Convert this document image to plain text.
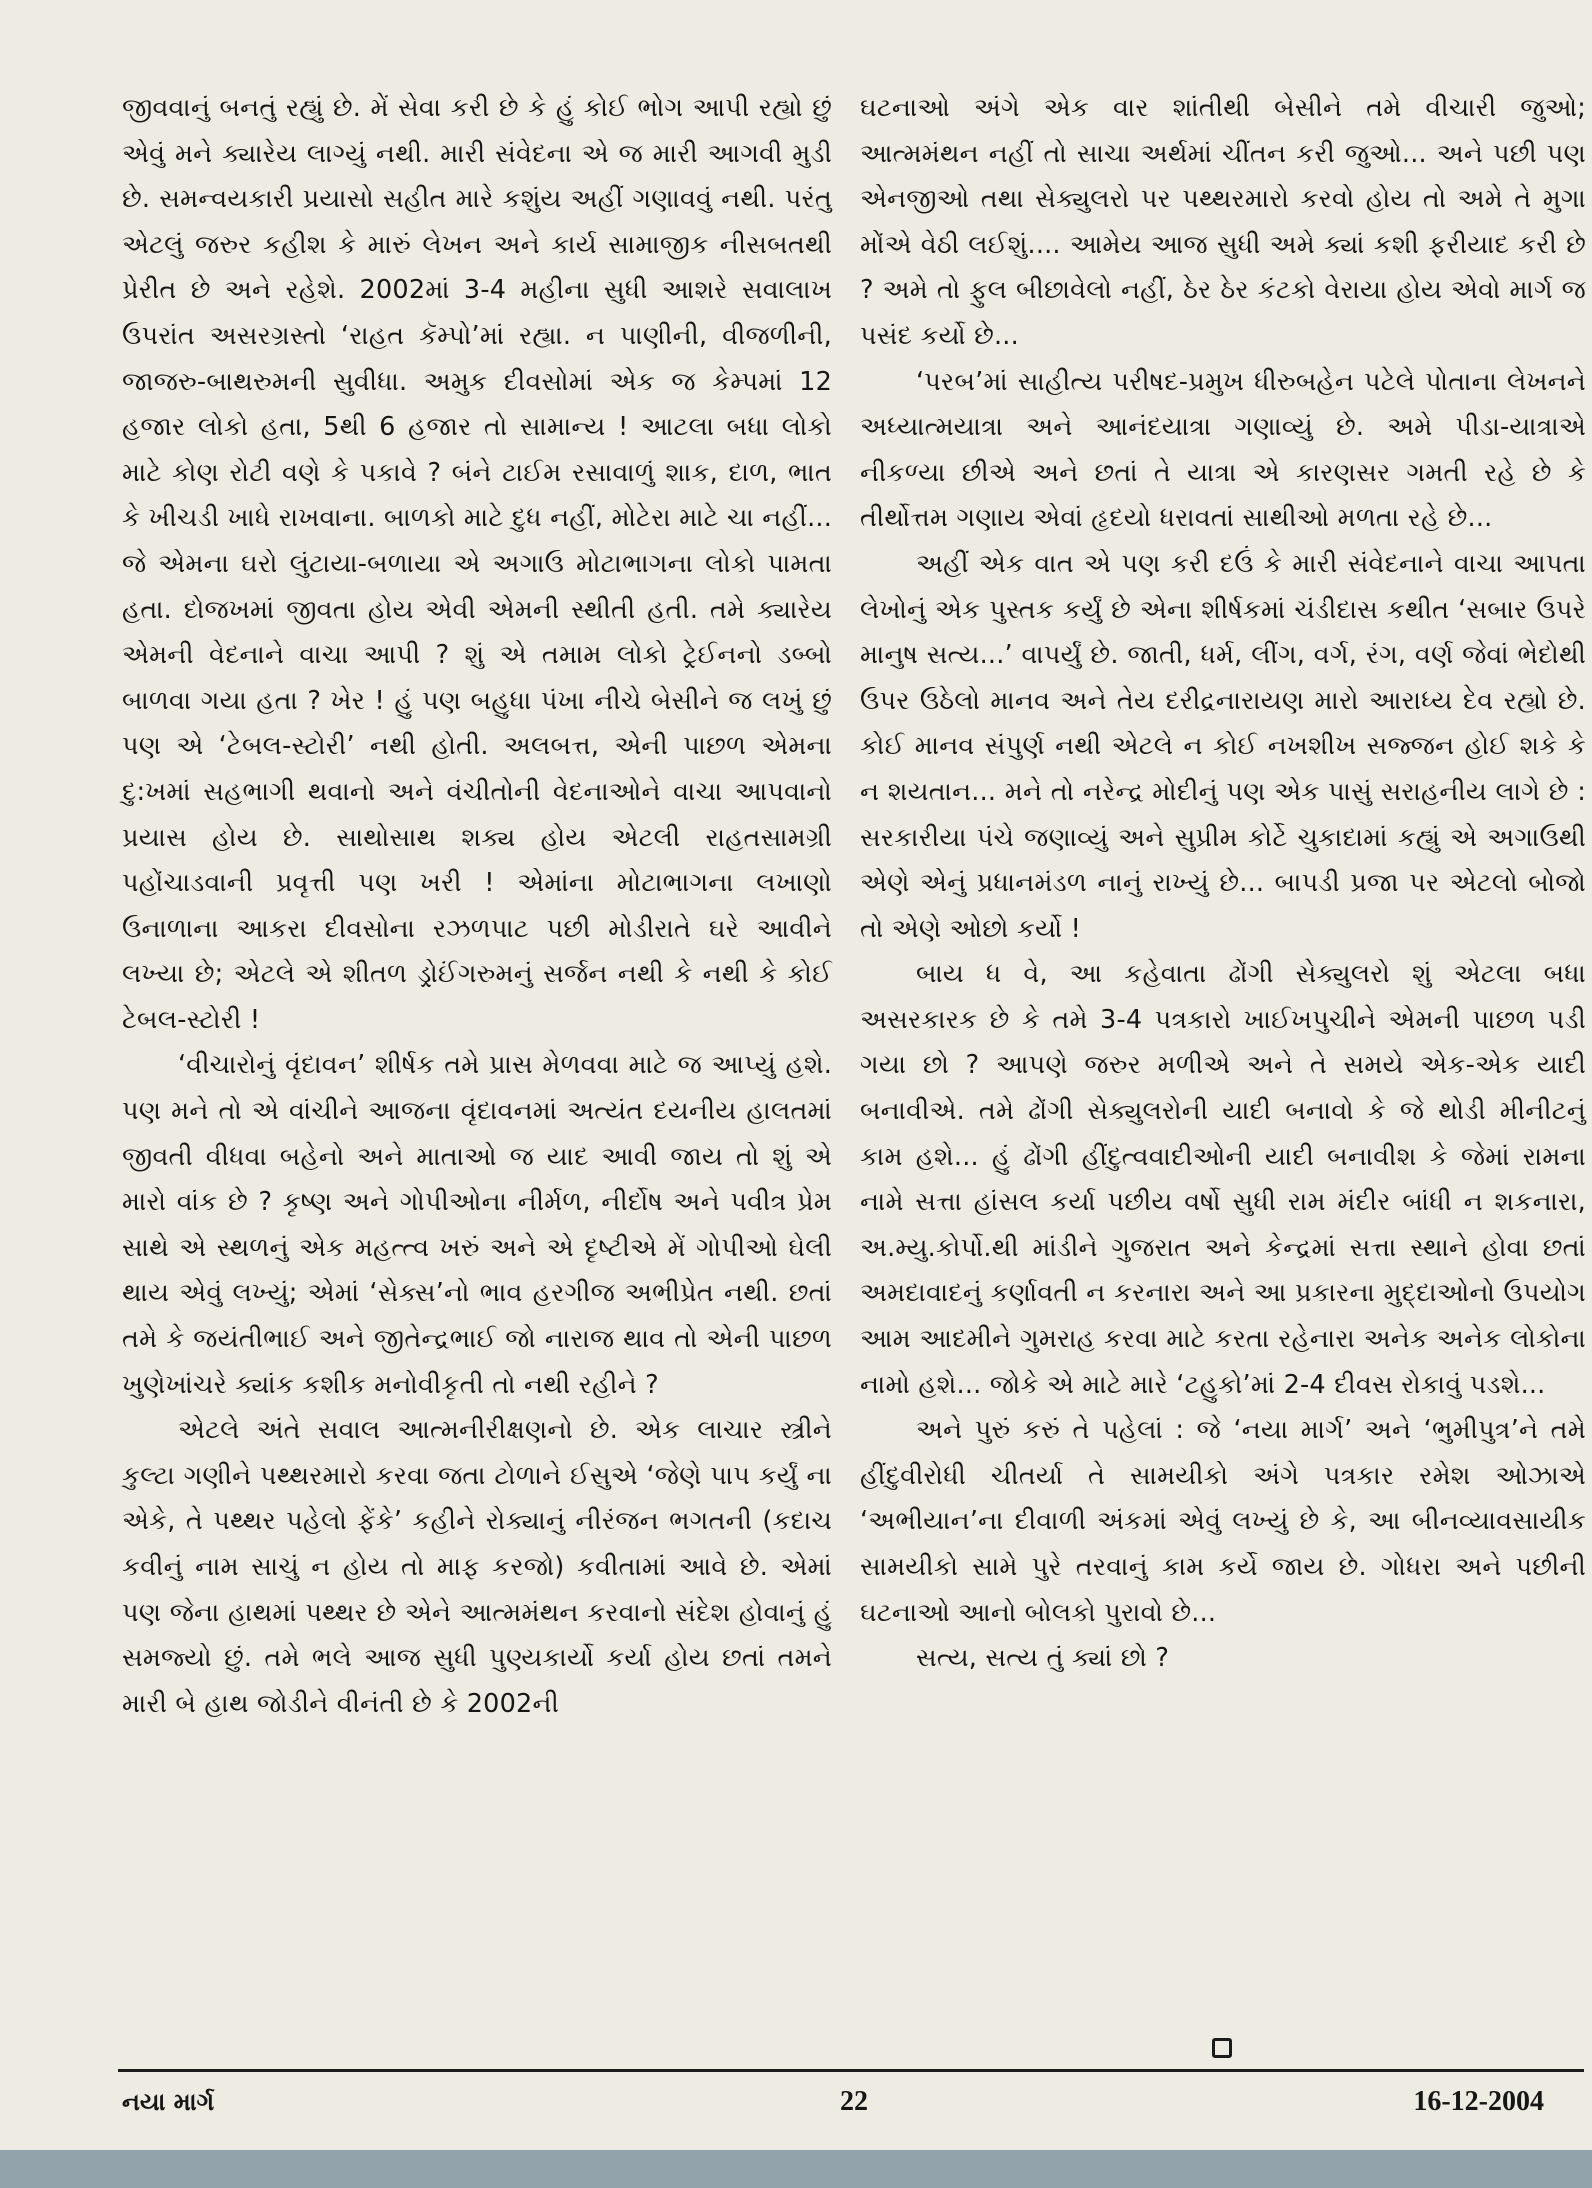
જીવવાનું બનતું રહ્યું છે. મેં સેવા કરી છે કે હું કોઈ ભોગ આપી રહ્યો છું એવું મને ક્યારેય લાગ્યું નથી. મારી સંવેદના એ જ મારી આગવી મુડી છે. સમન્વયકારી પ્રયાસો સહીત મારે કશુંય અહીં ગણાવવું નથી. પરંતુ એટલું જરુર કહીશ કે મારું લેખન અને કાર્ય સામાજીક નીસબતથી પ્રેરીત છે અને રહેશે. 2002માં 3-4 મહીના સુધી આશરે સવાલાખ ઉપરાંત અસરગ્રસ્તો ‘રાહત કૅમ્પો’માં રહ્યા. ન પાણીની, વીજળીની, જાજરુ-બાથરુમની સુવીધા. અમુક દીવસોમાં એક જ કેમ્પમાં 12 હજાર લોકો હતા, 5થી 6 હજાર તો સામાન્ય ! આટલા બધા લોકો માટે કોણ રોટી વણે કે પકાવે ? બંને ટાઈમ રસાવાળું શાક, દાળ, ભાત કે ખીચડી ખાધે રાખવાના. બાળકો માટે દુધ નહીં, મોટેરા માટે ચા નહીં... જે એમના ઘરો લુંટાયા-બળાયા એ અગાઉ મોટાભાગના લોકો પામતા હતા. દોજખમાં જીવતા હોય એવી એમની સ્થીતી હતી. તમે ક્યારેય એમની વેદનાને વાચા આપી ? શું એ તમામ લોકો ટ્રેઈનનો ડબ્બો બાળવા ગયા હતા ? ખેર ! હું પણ બહુધા પંખા નીચે બેસીને જ લખું છું પણ એ ‘ટેબલ-સ્ટોરી’ નથી હોતી. અલબત્ત, એની પાછળ એમના દુ:ખમાં સહભાગી થવાનો અને વંચીતોની વેદનાઓને વાચા આપવાનો પ્રયાસ હોય છે. સાથોસાથ શક્ય હોય એટલી રાહતસામગ્રી પહોંચાડવાની પ્રવૃત્તી પણ ખરી ! એમાંના મોટાભાગના લખાણો ઉનાળાના આકરા દીવસોના રઝળપાટ પછી મોડીરાતે ઘરે આવીને લખ્યા છે; એટલે એ શીતળ ડ્રોઈંગરુમનું સર્જન નથી કે નથી કે કોઈ ટેબલ-સ્ટોરી !

‘વીચારોનું વૃંદાવન’ શીર્ષક તમે પ્રાસ મેળવવા માટે જ આપ્યું હશે. પણ મને તો એ વાંચીને આજના વૃંદાવનમાં અત્યંત દયનીય હાલતમાં જીવતી વીધવા બહેનો અને માતાઓ જ યાદ આવી જાય તો શું એ મારો વાંક છે ? કૃષ્ણ અને ગોપીઓના નીર્મળ, નીર્દોષ અને પવીત્ર પ્રેમ સાથે એ સ્થળનું એક મહત્ત્વ ખરું અને એ દૃષ્ટીએ મેં ગોપીઓ ઘેલી થાય એવું લખ્યું; એમાં ‘સેક્સ’નો ભાવ હરગીજ અભીપ્રેત નથી. છતાં તમે કે જયંતીભાઈ અને જીતેન્દ્રભાઈ જો નારાજ થાવ તો એની પાછળ ખુણેખાંચરે ક્યાંક કશીક મનોવીકૃતી તો નથી રહીને ?

એટલે અંતે સવાલ આત્મનીરીક્ષણનો છે. એક લાચાર સ્ત્રીને કુલ્ટા ગણીને પથ્થરમારો કરવા જતા ટોળાને ઈસુએ ‘જેણે પાપ કર્યું ના એકે, તે પથ્થર પહેલો ફેંકે’ કહીને રોક્યાનું નીરંજન ભગતની (કદાચ કવીનું નામ સાચું ન હોય તો માફ કરજો) કવીતામાં આવે છે. એમાં પણ જેના હાથમાં પથ્થર છે એને આત્મમંથન કરવાનો સંદેશ હોવાનું હું સમજ્યો છું. તમે ભલે આજ સુધી પુણ્યકાર્યો કર્યા હોય છતાં તમને મારી બે હાથ જોડીને વીનંતી છે કે 2002ની

ઘટનાઓ અંગે એક વાર શાંતીથી બેસીને તમે વીચારી જુઓ; આત્મમંથન નહીં તો સાચા અર્થમાં ચીંતન કરી જુઓ... અને પછી પણ એનજીઓ તથા સેક્યુલરો પર પથ્થરમારો કરવો હોય તો અમે તે મુગા મોંએ વેઠી લઈશું.... આમેય આજ સુધી અમે ક્યાં કશી ફરીયાદ કરી છે ? અમે તો ફુલ બીછાવેલો નહીં, ઠેર ઠેર કંટકો વેરાયા હોય એવો માર્ગ જ પસંદ કર્યો છે...

‘પરબ’માં સાહીત્ય પરીષદ-પ્રમુખ ધીરુબહેન પટેલે પોતાના લેખનને અધ્યાત્મયાત્રા અને આનંદયાત્રા ગણાવ્યું છે. અમે પીડા-યાત્રાએ નીકળ્યા છીએ અને છતાં તે યાત્રા એ કારણસર ગમતી રહે છે કે તીર્થોત્તમ ગણાય એવાં હૃદયો ધરાવતાં સાથીઓ મળતા રહે છે...

અહીં એક વાત એ પણ કરી દઉં કે મારી સંવેદનાને વાચા આપતા લેખોનું એક પુસ્તક કર્યું છે એના શીર્ષકમાં ચંડીદાસ કથીત ‘સબાર ઉપરે માનુષ સત્ય...’ વાપર્યું છે. જાતી, ધર્મ, લીંગ, વર્ગ, રંગ, વર્ણ જેવાં ભેદોથી ઉપર ઉઠેલો માનવ અને તેય દરીદ્રનારાયણ મારો આરાધ્ય દેવ રહ્યો છે. કોઈ માનવ સંપુર્ણ નથી એટલે ન કોઈ નખશીખ સજ્જન હોઈ શકે કે ન શયતાન... મને તો નરેન્દ્ર મોદીનું પણ એક પાસું સરાહનીય લાગે છે : સરકારીયા પંચે જણાવ્યું અને સુપ્રીમ કોર્ટે ચુકાદામાં કહ્યું એ અગાઉથી એણે એનું પ્રધાનમંડળ નાનું રાખ્યું છે... બાપડી પ્રજા પર એટલો બોજો તો એણે ઓછો કર્યો !

બાય ધ વે, આ કહેવાતા ઢોંગી સેક્યુલરો શું એટલા બધા અસરકારક છે કે તમે 3-4 પત્રકારો ખાઈખપુચીને એમની પાછળ પડી ગયા છો ? આપણે જરુર મળીએ અને તે સમયે એક-એક યાદી બનાવીએ. તમે ઢોંગી સેક્યુલરોની યાદી બનાવો કે જે થોડી મીનીટનું કામ હશે... હું ઢોંગી હીંદુત્વવાદીઓની યાદી બનાવીશ કે જેમાં રામના નામે સત્તા હાંસલ કર્યા પછીય વર્ષો સુધી રામ મંદીર બાંધી ન શકનારા, અ.મ્યુ.કોર્પો.થી માંડીને ગુજરાત અને કેન્દ્રમાં સત્તા સ્થાને હોવા છતાં અમદાવાદનું કર્ણાવતી ન કરનારા અને આ પ્રકારના મુદ્દાઓનો ઉપયોગ આમ આદમીને ગુમરાહ કરવા માટે કરતા રહેનારા અનેક અનેક લોકોના નામો હશે... જોકે એ માટે મારે ‘ટહુકો’માં 2-4 દીવસ રોકાવું પડશે...

અને પુરું કરું તે પહેલાં : જે ‘નયા માર્ગ’ અને ‘ભુમીપુત્ર’ને તમે હીંદુવીરોધી ચીતર્યા તે સામયીકો અંગે પત્રકાર રમેશ ઓઝાએ ‘અભીયાન’ના દીવાળી અંકમાં એવું લખ્યું છે કે, આ બીનવ્યાવસાયીક સામયીકો સામે પુરે તરવાનું કામ કર્યે જાય છે. ગોધરા અને પછીની ઘટનાઓ આનો બોલકો પુરાવો છે...

સત્ય, સત્ય તું ક્યાં છો ?

નયા માર્ગ	22	16-12-2004
